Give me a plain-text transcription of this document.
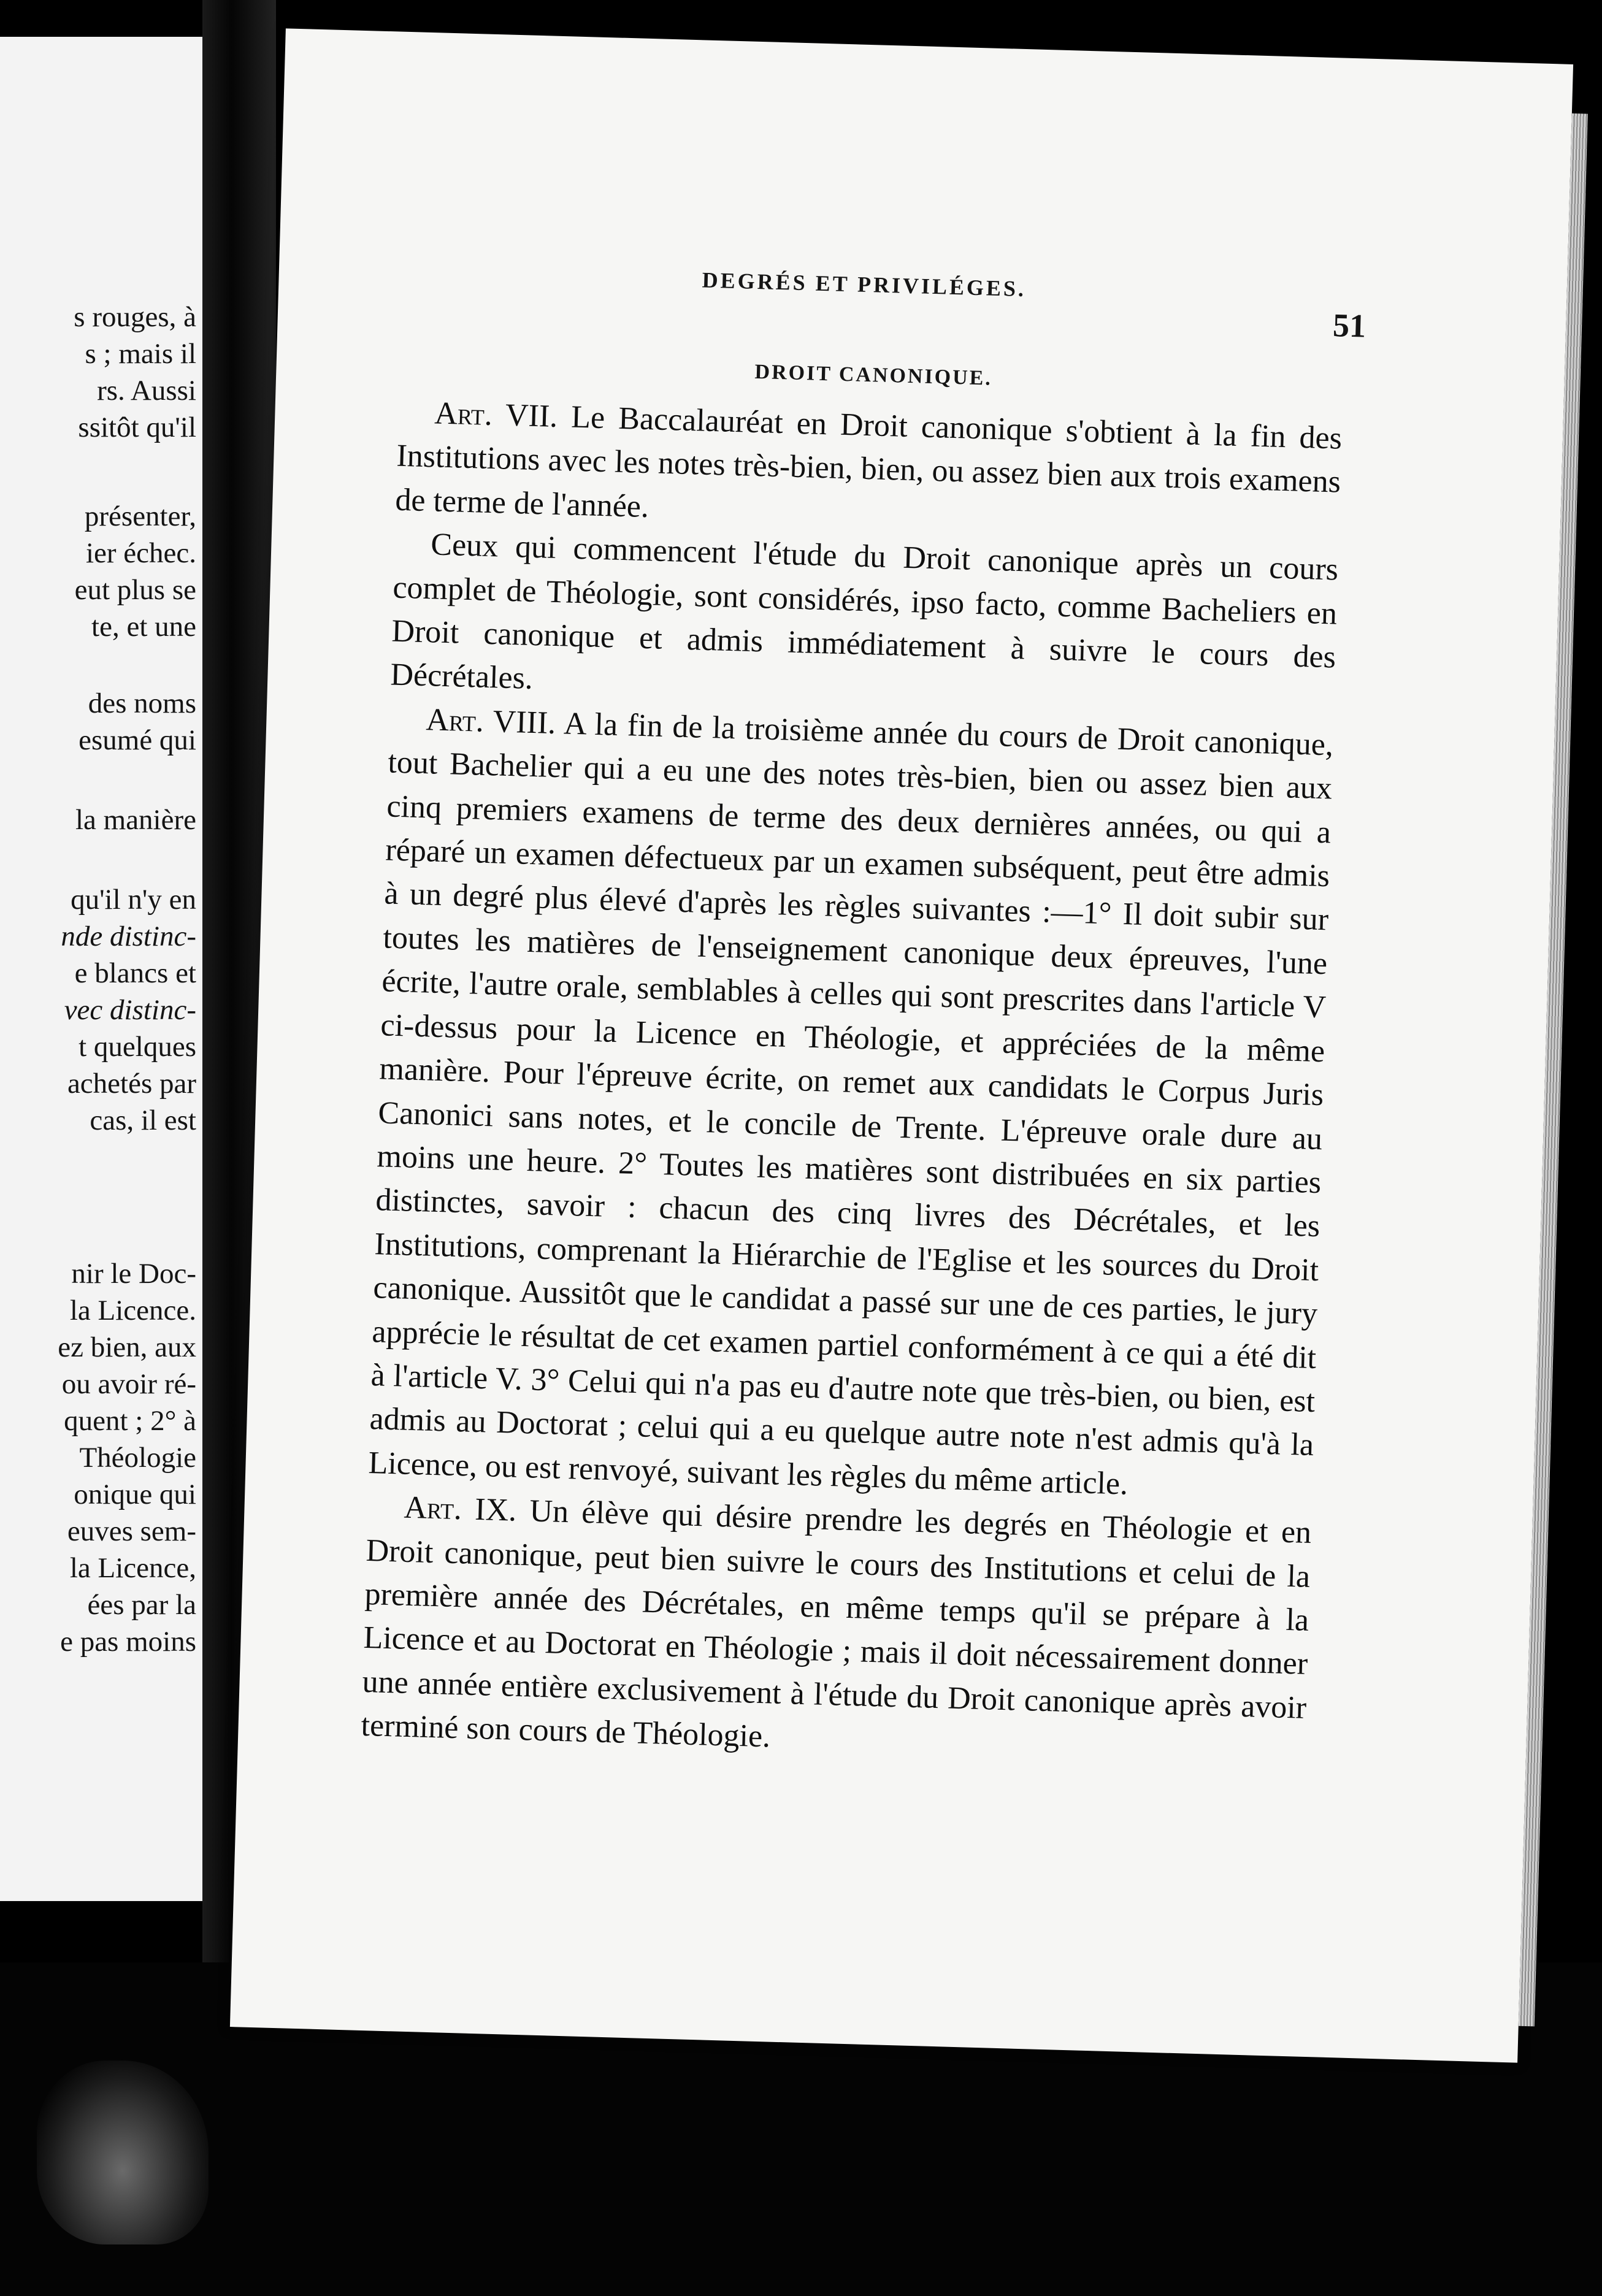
s rouges, à
s ; mais il
rs. Aussi
ssitôt qu'il
présenter,
ier échec.
eut plus se
te, et une
des noms
esumé qui
la manière
qu'il n'y en
nde distinc-
e blancs et
vec distinc-
t quelques
achetés par
cas, il est
nir le Doc-
la Licence.
ez bien, aux
ou avoir ré-
quent ; 2° à
Théologie
onique qui
euves sem-
la Licence,
ées par la
e pas moins
DEGRÉS ET PRIVILÉGES.
51
DROIT CANONIQUE.

Art. VII. Le Baccalauréat en Droit canonique s'obtient à la fin des Institutions avec les notes très-bien, bien, ou assez bien aux trois examens de terme de l'année.

Ceux qui commencent l'étude du Droit canonique après un cours complet de Théologie, sont considérés, ipso facto, comme Bacheliers en Droit canonique et admis immédiatement à suivre le cours des Décrétales.

Art. VIII. A la fin de la troisième année du cours de Droit canonique, tout Bachelier qui a eu une des notes très-bien, bien ou assez bien aux cinq premiers examens de terme des deux dernières années, ou qui a réparé un examen défectueux par un examen subséquent, peut être admis à un degré plus élevé d'après les règles suivantes :—1° Il doit subir sur toutes les matières de l'enseignement canonique deux épreuves, l'une écrite, l'autre orale, semblables à celles qui sont prescrites dans l'article V ci-dessus pour la Licence en Théologie, et appréciées de la même manière. Pour l'épreuve écrite, on remet aux candidats le Corpus Juris Canonici sans notes, et le concile de Trente. L'épreuve orale dure au moins une heure. 2° Toutes les matières sont distribuées en six parties distinctes, savoir : chacun des cinq livres des Décrétales, et les Institutions, comprenant la Hiérarchie de l'Eglise et les sources du Droit canonique. Aussitôt que le candidat a passé sur une de ces parties, le jury apprécie le résultat de cet examen partiel conformément à ce qui a été dit à l'article V. 3° Celui qui n'a pas eu d'autre note que très-bien, ou bien, est admis au Doctorat ; celui qui a eu quelque autre note n'est admis qu'à la Licence, ou est renvoyé, suivant les règles du même article.

Art. IX. Un élève qui désire prendre les degrés en Théologie et en Droit canonique, peut bien suivre le cours des Institutions et celui de la première année des Décrétales, en même temps qu'il se prépare à la Licence et au Doctorat en Théologie ; mais il doit nécessairement donner une année entière exclusivement à l'étude du Droit canonique après avoir terminé son cours de Théologie.
